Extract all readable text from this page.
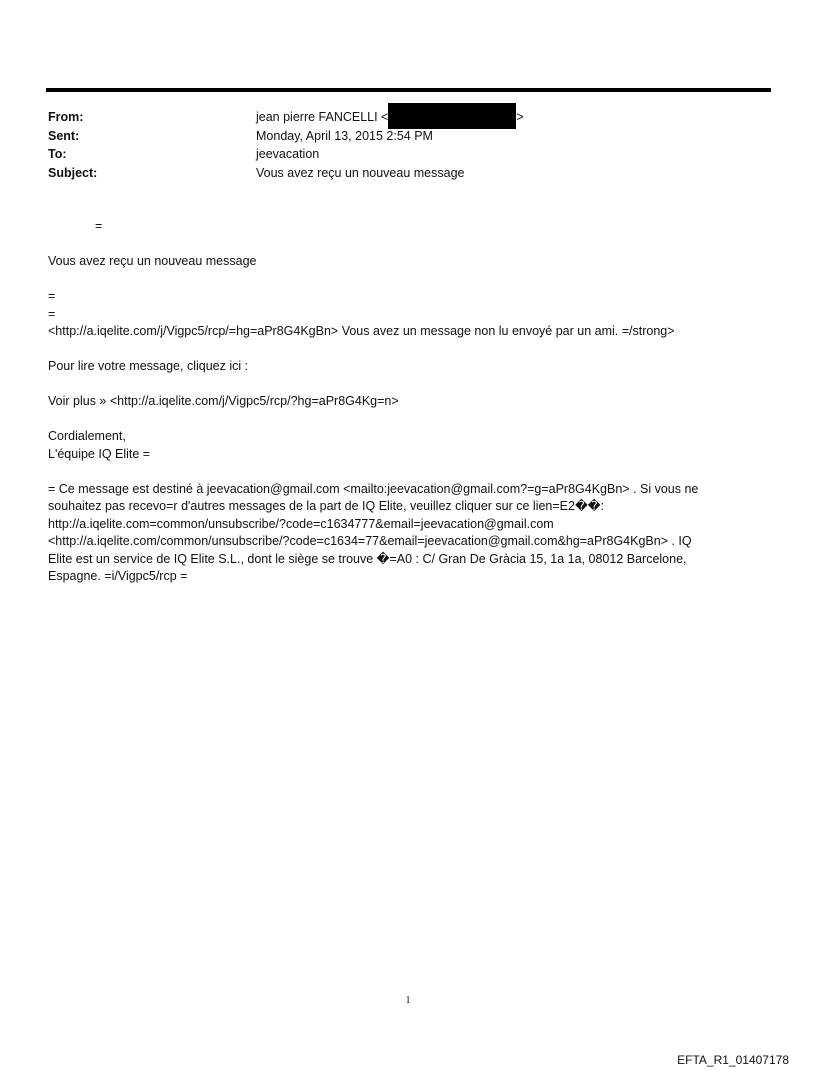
From:	jean pierre FANCELLI <	>
Sent:	Monday, April 13, 2015 2:54 PM
To:	jeevacation
Subject:	Vous avez reçu un nouveau message

=

Vous avez reçu un nouveau message

=

=

<http://a.iqelite.com/j/Vigpc5/rcp/=hg=aPr8G4KgBn> Vous avez un message non lu envoyé par un ami. =/strong>

Pour lire votre message, cliquez ici :

Voir plus » <http://a.iqelite.com/j/Vigpc5/rcp/?hg=aPr8G4Kg=n>

Cordialement,

L'équipe IQ Elite =

= Ce message est destiné à jeevacation@gmail.com <mailto:jeevacation@gmail.com?=g=aPr8G4KgBn> . Si vous ne

souhaitez pas recevo=r d'autres messages de la part de IQ Elite, veuillez cliquer sur ce lien=E2��:

http://a.iqelite.com=common/unsubscribe/?code=c1634777&email=jeevacation@gmail.com

<http://a.iqelite.com/common/unsubscribe/?code=c1634=77&email=jeevacation@gmail.com&hg=aPr8G4KgBn> . IQ

Elite est un service de IQ Elite S.L., dont le siège se trouve �=A0 : C/ Gran De Gràcia 15, 1a 1a, 08012 Barcelone,

Espagne. =i/Vigpc5/rcp =

1
EFTA_R1_01407178
